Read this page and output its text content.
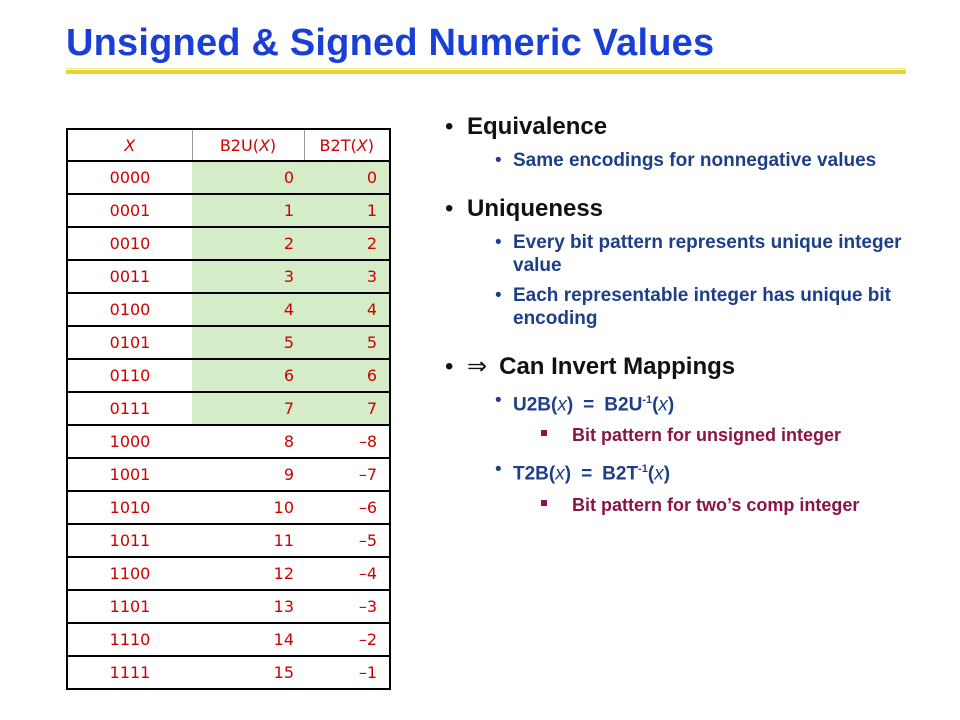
Unsigned & Signed Numeric Values
X	B2U(X)	B2T(X)
0000	0	0
0001	1	1
0010	2	2
0011	3	3
0100	4	4
0101	5	5
0110	6	6
0111	7	7
1000	8	–8
1001	9	–7
1010	10	–6
1011	11	–5
1100	12	–4
1101	13	–3
1110	14	–2
1111	15	–1
• Equivalence
• Same encodings for nonnegative values
• Uniqueness
• Every bit pattern represents unique integer value
• Each representable integer has unique bit encoding
• ⇒ Can Invert Mappings
• $U2B(x) = B2U^{-1}(x)$
Bit pattern for unsigned integer
• $T2B(x) = B2T^{-1}(x)$
Bit pattern for two’s comp integer
